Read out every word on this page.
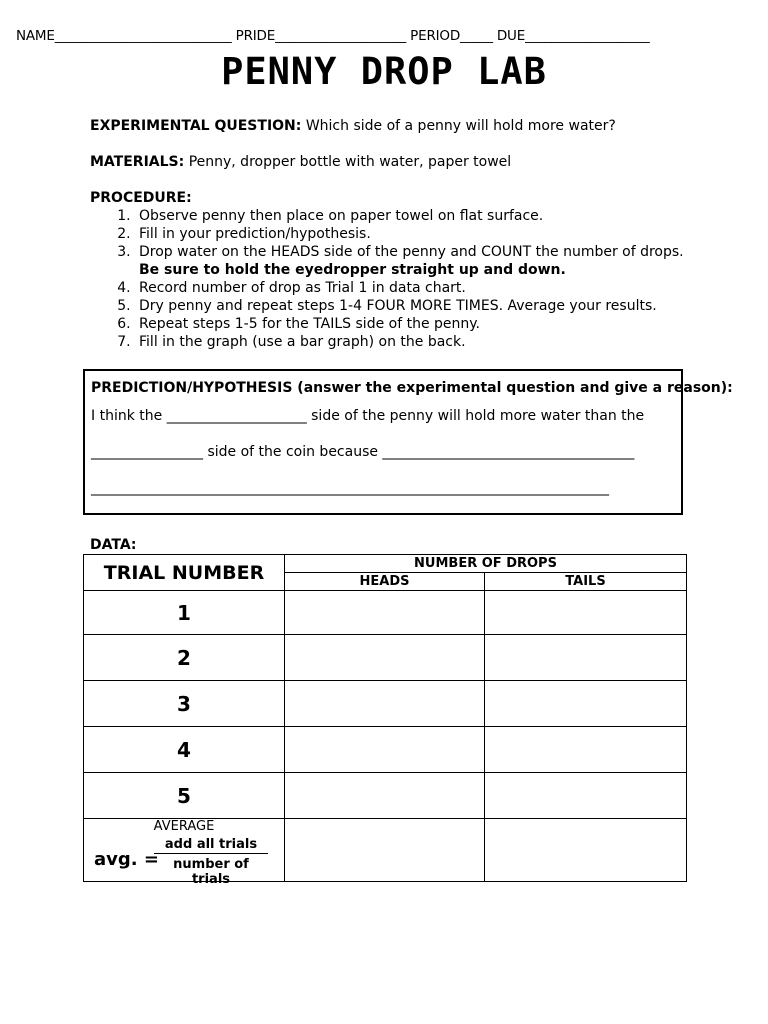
NAME___________________________ PRIDE____________________ PERIOD_____ DUE___________________
PENNY DROP LAB
EXPERIMENTAL QUESTION: Which side of a penny will hold more water?
MATERIALS: Penny, dropper bottle with water, paper towel
PROCEDURE:
1. Observe penny then place on paper towel on flat surface.
2. Fill in your prediction/hypothesis.
3. Drop water on the HEADS side of the penny and COUNT the number of drops.
Be sure to hold the eyedropper straight up and down.
4. Record number of drop as Trial 1 in data chart.
5. Dry penny and repeat steps 1-4 FOUR MORE TIMES. Average your results.
6. Repeat steps 1-5 for the TAILS side of the penny.
7. Fill in the graph (use a bar graph) on the back.
PREDICTION/HYPOTHESIS (answer the experimental question and give a reason):
I think the ____________________ side of the penny will hold more water than the
________________ side of the coin because ____________________________________
__________________________________________________________________________
DATA:
TRIAL NUMBER	NUMBER OF DROPS	
	HEADS	TAILS
1		
2		
3		
4		
5		

AVERAGE
avg. =
add all trials
number of trials		
